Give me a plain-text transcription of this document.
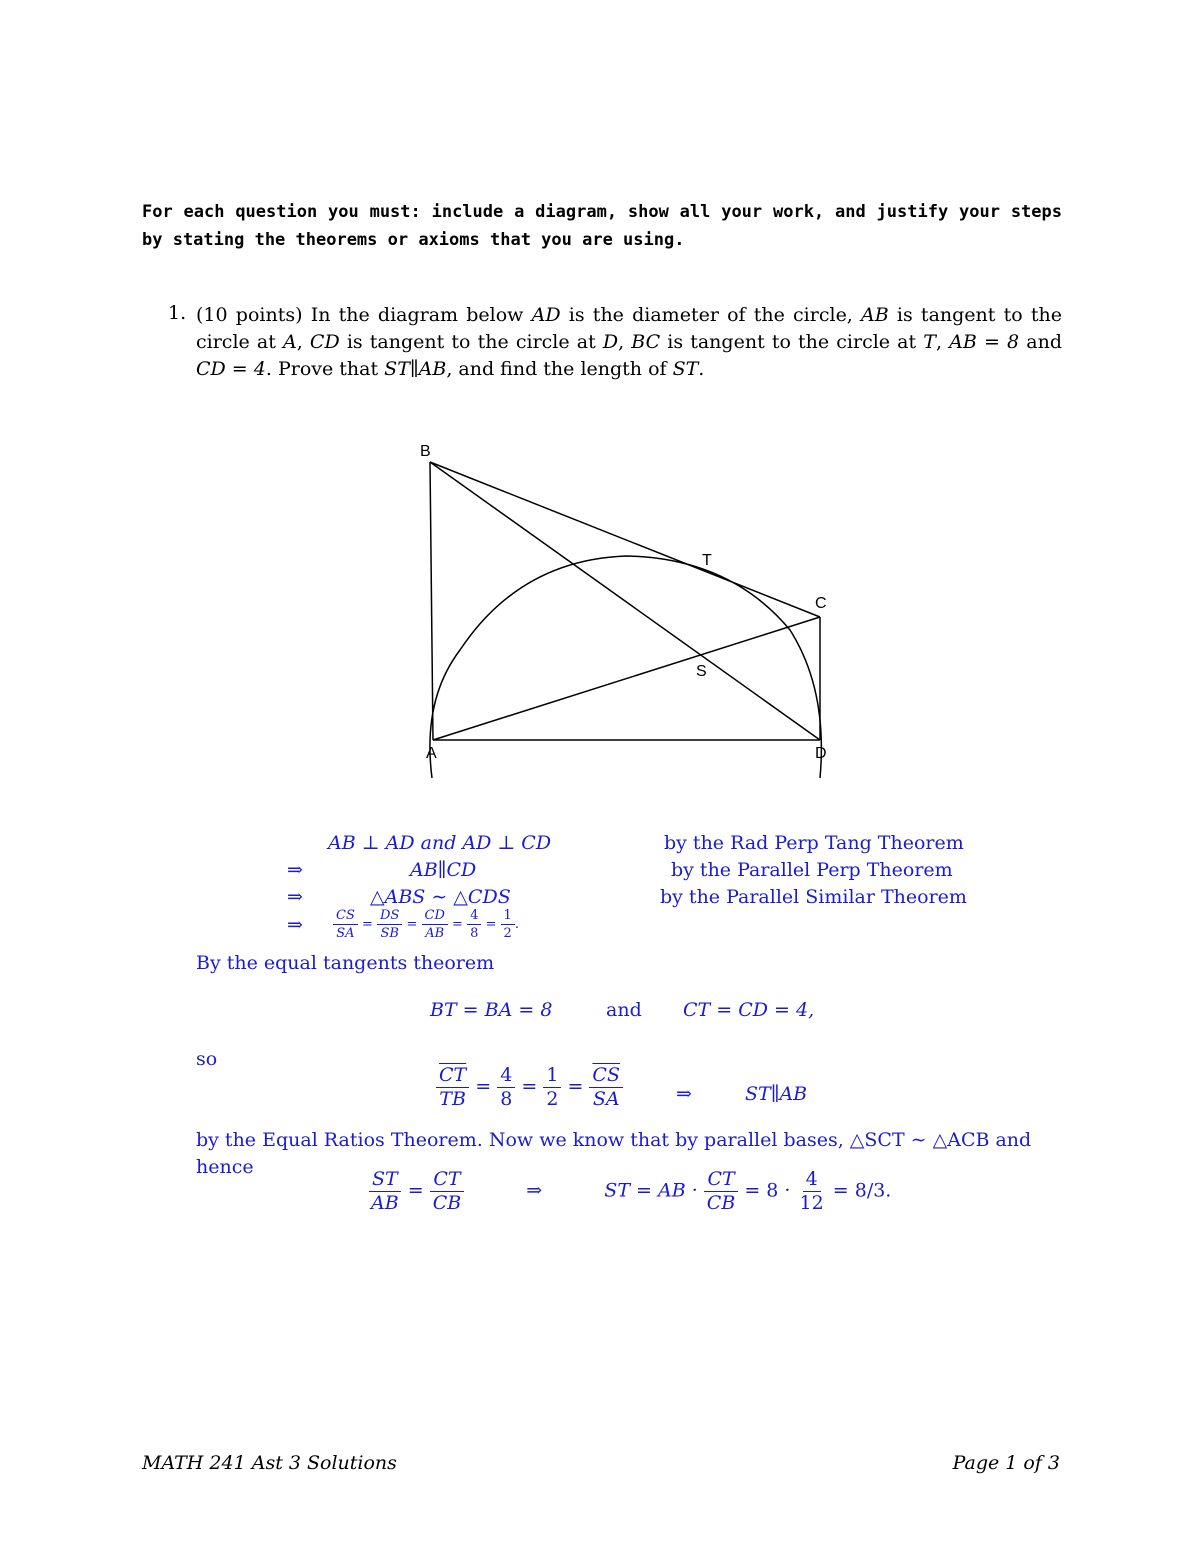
For each question you must: include a diagram, show all your work, and justify your steps by stating the theorems or axioms that you are using.
1. (10 points) In the diagram below AD is the diameter of the circle, AB is tangent to the circle at A, CD is tangent to the circle at D, BC is tangent to the circle at T, AB = 8 and CD = 4. Prove that ST∥AB, and find the length of ST.
B
T
C
S
A	D
AB ⊥ AD and AD ⊥ CD	by the Rad Perp Tang Theorem
⇒	AB∥CD	by the Parallel Perp Theorem
⇒	△ABS ∼ △CDS	by the Parallel Similar Theorem
⇒ $\frac{CS}{SA} = \frac{DS}{SB} = \frac{CD}{AB} = \frac{4}{8} = \frac{1}{2}$ .
By the equal tangents theorem
BT = BA = 8	and CT = CD = 4,
so
$\frac{CT}{TB} = \frac{4}{8} = \frac{1}{2} = \frac{CS}{SA}$	⇒	ST∥AB
by the Equal Ratios Theorem. Now we know that by parallel bases, △SCT ∼ △ACB and hence
$\frac{ST}{AB} = \frac{CT}{CB}$	⇒	ST = AB · $\frac{CT}{CB} = 8 \cdot \frac{4}{12} = 8/3$.
MATH 241 Ast 3 Solutions	Page 1 of 3
